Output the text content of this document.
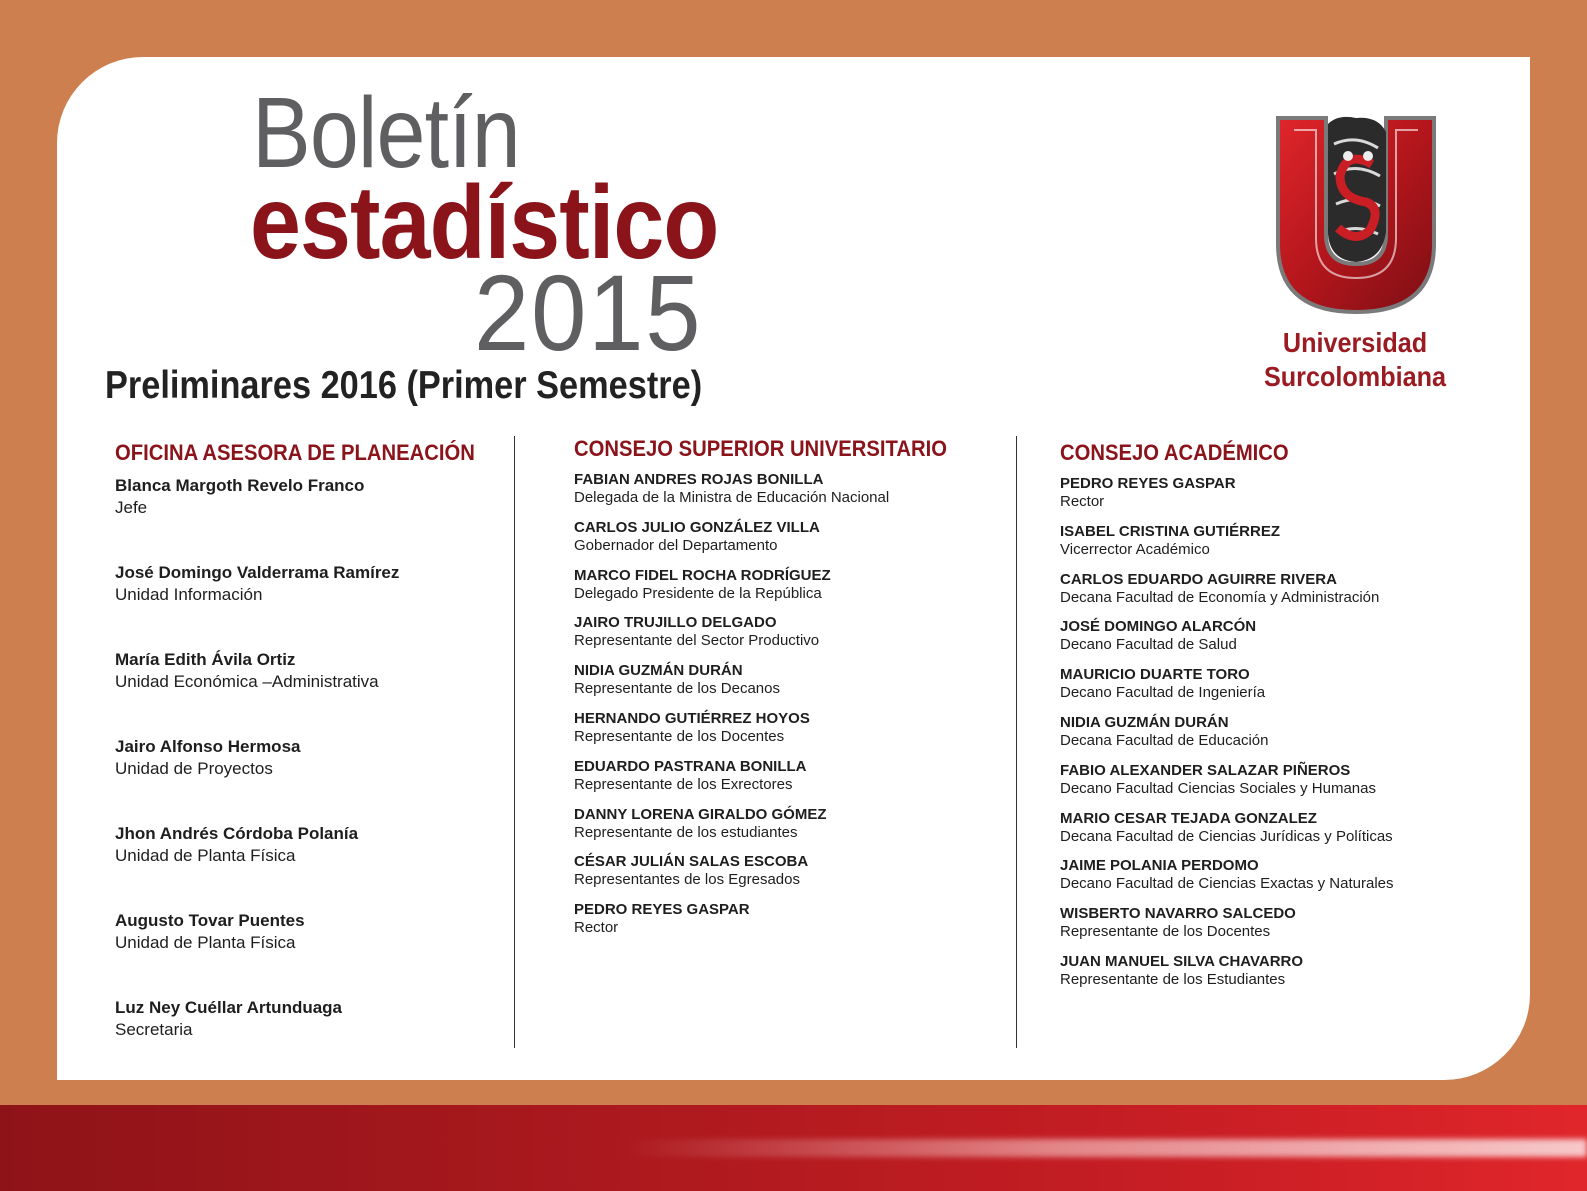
Boletín
estadístico
2015
Preliminares 2016 (Primer Semestre)
Universidad
Surcolombiana
OFICINA ASESORA DE PLANEACIÓN
Blanca Margoth Revelo Franco
Jefe
José Domingo Valderrama Ramírez
Unidad Información
María Edith Ávila Ortiz
Unidad Económica –Administrativa
Jairo Alfonso Hermosa
Unidad de Proyectos
Jhon Andrés Córdoba Polanía
Unidad de Planta Física
Augusto Tovar Puentes
Unidad de Planta Física
Luz Ney Cuéllar Artunduaga
Secretaria
CONSEJO SUPERIOR UNIVERSITARIO
FABIAN ANDRES ROJAS BONILLA
Delegada de la Ministra de Educación Nacional
CARLOS JULIO GONZÁLEZ VILLA
Gobernador del Departamento
MARCO FIDEL ROCHA RODRÍGUEZ
Delegado Presidente de la República
JAIRO TRUJILLO DELGADO
Representante del Sector Productivo
NIDIA GUZMÁN DURÁN
Representante de los Decanos
HERNANDO GUTIÉRREZ HOYOS
Representante de los Docentes
EDUARDO PASTRANA BONILLA
Representante de los Exrectores
DANNY LORENA GIRALDO GÓMEZ
Representante de los estudiantes
CÉSAR JULIÁN SALAS ESCOBA
Representantes de los Egresados
PEDRO REYES GASPAR
Rector
CONSEJO ACADÉMICO
PEDRO REYES GASPAR
Rector
ISABEL CRISTINA GUTIÉRREZ
Vicerrector Académico
CARLOS EDUARDO AGUIRRE RIVERA
Decana Facultad de Economía y Administración
JOSÉ DOMINGO ALARCÓN
Decano Facultad de Salud
MAURICIO DUARTE TORO
Decano Facultad de Ingeniería
NIDIA GUZMÁN DURÁN
Decana Facultad de Educación
FABIO ALEXANDER SALAZAR PIÑEROS
Decano Facultad Ciencias Sociales y Humanas
MARIO CESAR TEJADA GONZALEZ
Decana Facultad de Ciencias Jurídicas y Políticas
JAIME POLANIA PERDOMO
Decano Facultad de Ciencias Exactas y Naturales
WISBERTO NAVARRO SALCEDO
Representante de los Docentes
JUAN MANUEL SILVA CHAVARRO
Representante de los Estudiantes
